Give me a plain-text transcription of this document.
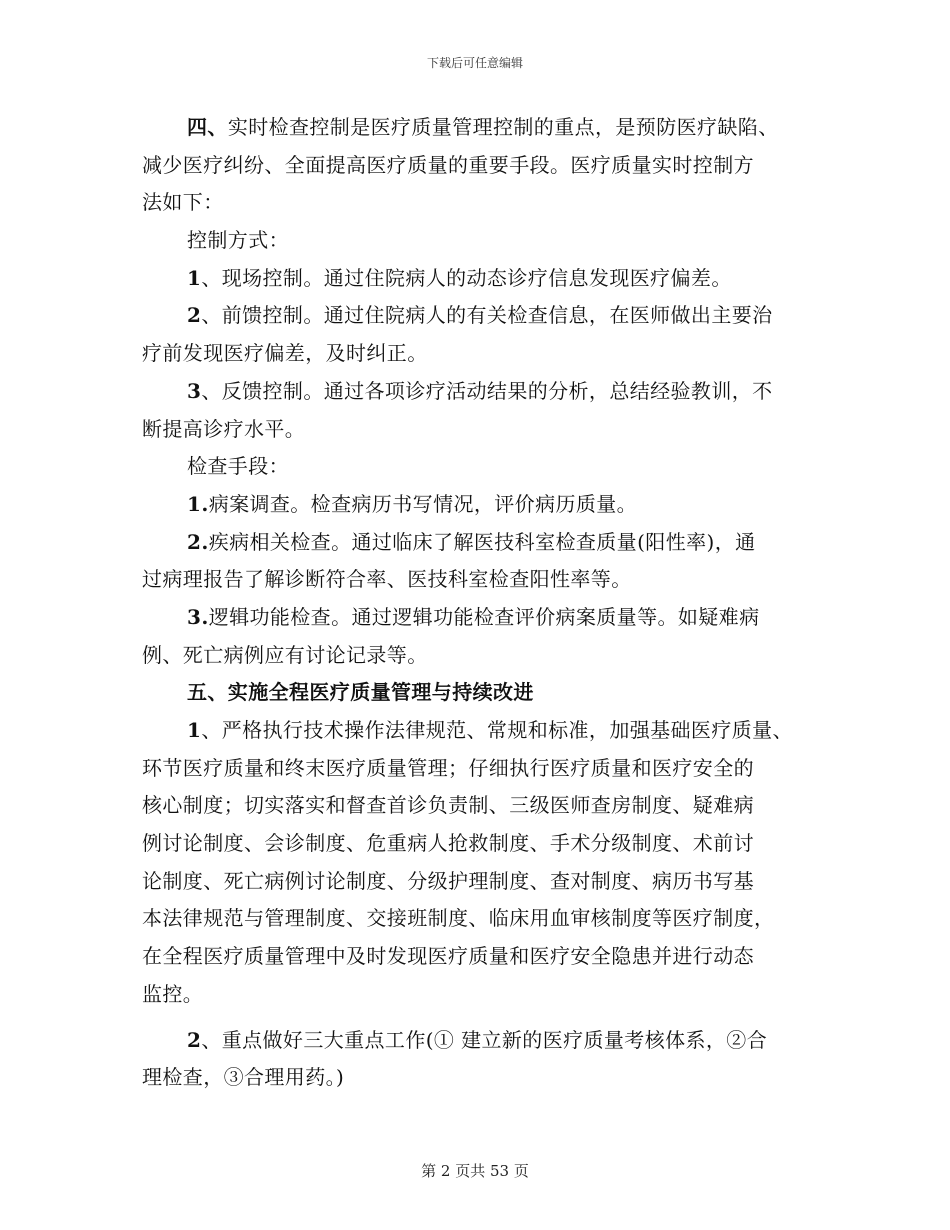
下载后可任意编辑
四、实时检查控制是医疗质量管理控制的重点，是预防医疗缺陷、
减少医疗纠纷、全面提高医疗质量的重要手段。医疗质量实时控制方
法如下：
控制方式：
1、现场控制。通过住院病人的动态诊疗信息发现医疗偏差。
2、前馈控制。通过住院病人的有关检查信息，在医师做出主要治
疗前发现医疗偏差，及时纠正。
3、反馈控制。通过各项诊疗活动结果的分析，总结经验教训，不
断提高诊疗水平。
检查手段：
1.病案调查。检查病历书写情况，评价病历质量。
2.疾病相关检查。通过临床了解医技科室检查质量(阳性率)，通
过病理报告了解诊断符合率、医技科室检查阳性率等。
3.逻辑功能检查。通过逻辑功能检查评价病案质量等。如疑难病
例、死亡病例应有讨论记录等。
五、实施全程医疗质量管理与持续改进
1、严格执行技术操作法律规范、常规和标准，加强基础医疗质量、
环节医疗质量和终末医疗质量管理；仔细执行医疗质量和医疗安全的
核心制度；切实落实和督查首诊负责制、三级医师查房制度、疑难病
例讨论制度、会诊制度、危重病人抢救制度、手术分级制度、术前讨
论制度、死亡病例讨论制度、分级护理制度、查对制度、病历书写基
本法律规范与管理制度、交接班制度、临床用血审核制度等医疗制度，
在全程医疗质量管理中及时发现医疗质量和医疗安全隐患并进行动态
监控。
2、重点做好三大重点工作(① 建立新的医疗质量考核体系，②合
理检查，③合理用药。)
第 2 页共 53 页
